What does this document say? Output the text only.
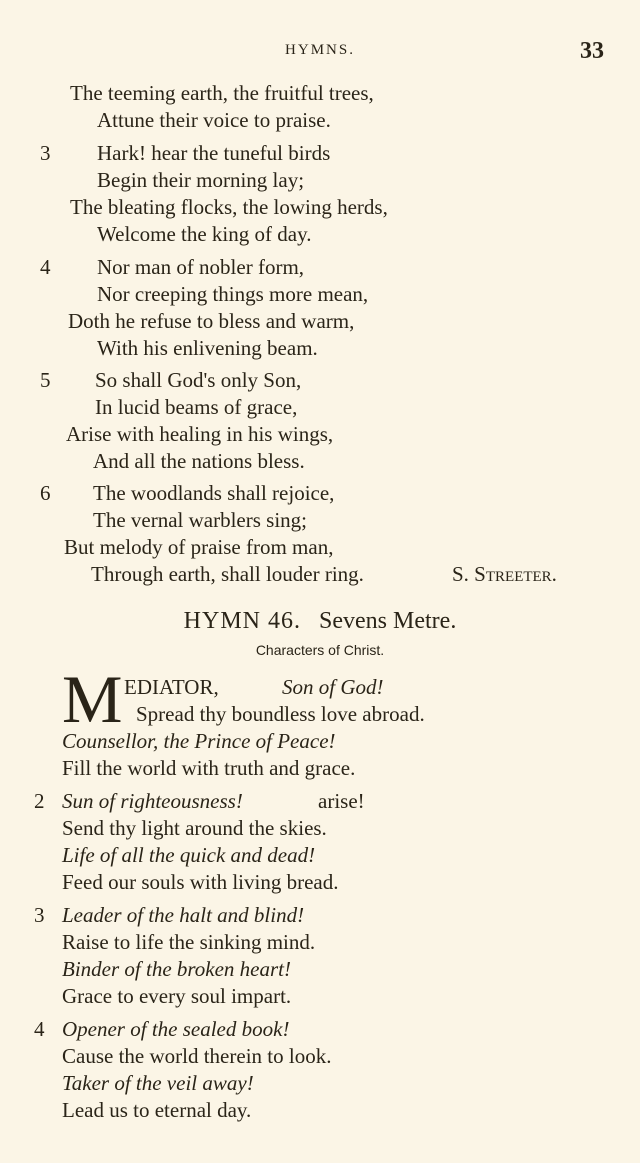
HYMNS.	33
The teeming earth, the fruitful trees,
Attune their voice to praise.
3 Hark! hear the tuneful birds
Begin their morning lay;
The bleating flocks, the lowing herds,
Welcome the king of day.
4 Nor man of nobler form,
Nor creeping things more mean,
Doth he refuse to bless and warm,
With his enlivening beam.
5 So shall God's only Son,
In lucid beams of grace,
Arise with healing in his wings,
And all the nations bless.
6 The woodlands shall rejoice,
The vernal warblers sing;
But melody of praise from man,
Through earth, shall louder ring.	S. Streeter.
HYMN 46. Sevens Metre.
Characters of Christ.
M EDIATOR,	Son of God!
Spread thy boundless love abroad.
Counsellor, the Prince of Peace!
Fill the world with truth and grace.
2 Sun of righteousness!	arise!
Send thy light around the skies.
Life of all the quick and dead!
Feed our souls with living bread.
3 Leader of the halt and blind!
Raise to life the sinking mind.
Binder of the broken heart!
Grace to every soul impart.
4 Opener of the sealed book!
Cause the world therein to look.
Taker of the veil away!
Lead us to eternal day.
